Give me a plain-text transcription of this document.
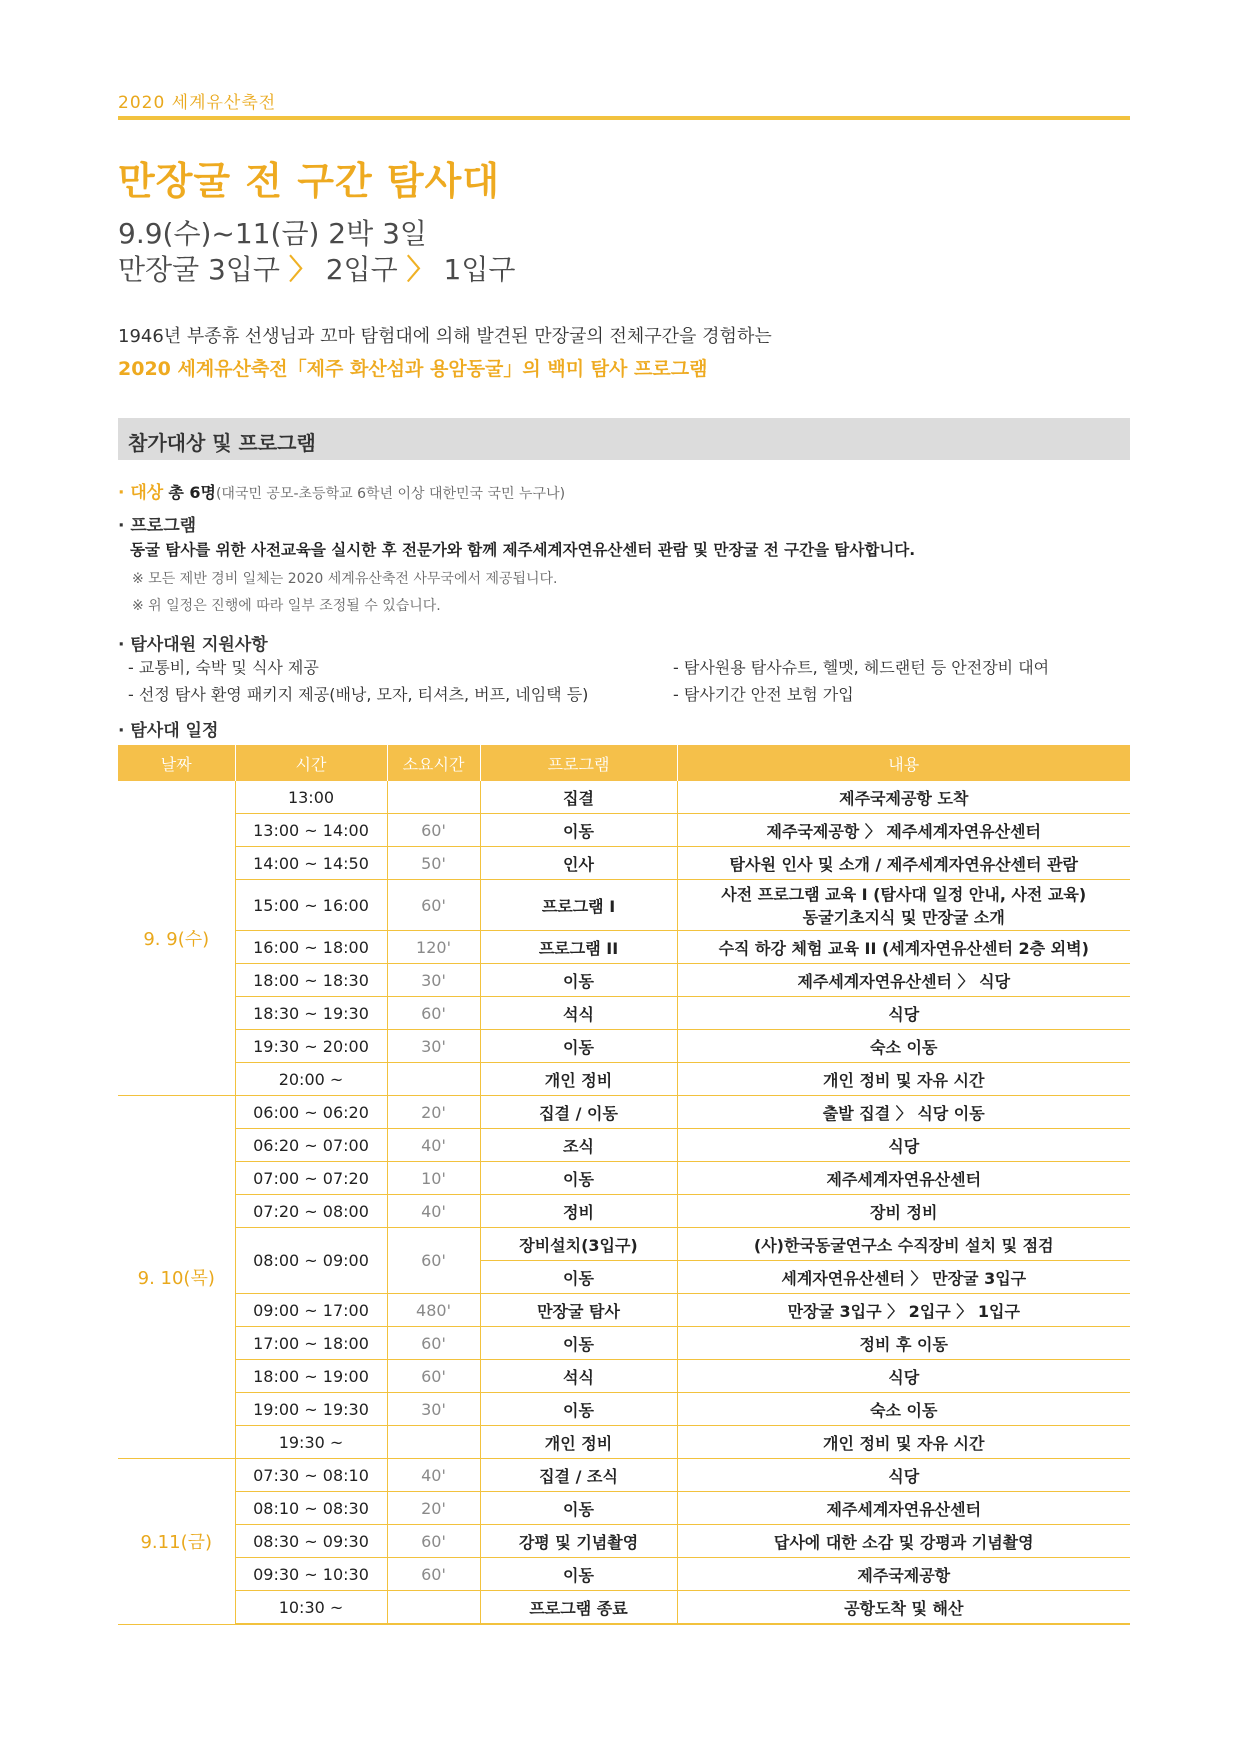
2020 세계유산축전
만장굴 전 구간 탐사대
9.9(수)~11(금) 2박 3일
만장굴 3입구 〉 2입구 〉 1입구
1946년 부종휴 선생님과 꼬마 탐험대에 의해 발견된 만장굴의 전체구간을 경험하는
2020 세계유산축전「제주 화산섬과 용암동굴」의 백미 탐사 프로그램
참가대상 및 프로그램
· 대상 총 6명(대국민 공모-초등학교 6학년 이상 대한민국 국민 누구나)
· 프로그램
동굴 탐사를 위한 사전교육을 실시한 후 전문가와 함께 제주세계자연유산센터 관람 및 만장굴 전 구간을 탐사합니다.
※ 모든 제반 경비 일체는 2020 세계유산축전 사무국에서 제공됩니다.
※ 위 일정은 진행에 따라 일부 조정될 수 있습니다.
· 탐사대원 지원사항
- 교통비, 숙박 및 식사 제공
- 선정 탐사 환영 패키지 제공(배낭, 모자, 티셔츠, 버프, 네임택 등)
- 탐사원용 탐사슈트, 헬멧, 헤드랜턴 등 안전장비 대여
- 탐사기간 안전 보험 가입
· 탐사대 일정
날짜	시간	소요시간	프로그램	내용
9. 9(수)	13:00		집결	제주국제공항 도착

	13:00 ~ 14:00	60'	이동	제주국제공항 〉 제주세계자연유산센터

	14:00 ~ 14:50	50'	인사	탐사원 인사 및 소개 / 제주세계자연유산센터 관람

	15:00 ~ 16:00	60'	프로그램 I	사전 프로그램 교육 I (탐사대 일정 안내, 사전 교육)
동굴기초지식 및 만장굴 소개

	16:00 ~ 18:00	120'	프로그램 II	수직 하강 체험 교육 II (세계자연유산센터 2층 외벽)

	18:00 ~ 18:30	30'	이동	제주세계자연유산센터 〉 식당

	18:30 ~ 19:30	60'	석식	식당

	19:30 ~ 20:00	30'	이동	숙소 이동

	20:00 ~		개인 정비	개인 정비 및 자유 시간

9. 10(목)	06:00 ~ 06:20	20'	집결 / 이동	출발 집결 〉 식당 이동

	06:20 ~ 07:00	40'	조식	식당

	07:00 ~ 07:20	10'	이동	제주세계자연유산센터

	07:20 ~ 08:00	40'	정비	장비 정비

	08:00 ~ 09:00	60'	장비설치(3입구)	(사)한국동굴연구소 수직장비 설치 및 점검

			이동	세계자연유산센터 〉 만장굴 3입구
	09:00 ~ 17:00	480'	만장굴 탐사	만장굴 3입구 〉 2입구 〉 1입구

	17:00 ~ 18:00	60'	이동	정비 후 이동

	18:00 ~ 19:00	60'	석식	식당

	19:00 ~ 19:30	30'	이동	숙소 이동

	19:30 ~		개인 정비	개인 정비 및 자유 시간

9.11(금)	07:30 ~ 08:10	40'	집결 / 조식	식당

	08:10 ~ 08:30	20'	이동	제주세계자연유산센터

	08:30 ~ 09:30	60'	강평 및 기념촬영	답사에 대한 소감 및 강평과 기념촬영

	09:30 ~ 10:30	60'	이동	제주국제공항

	10:30 ~		프로그램 종료	공항도착 및 해산
